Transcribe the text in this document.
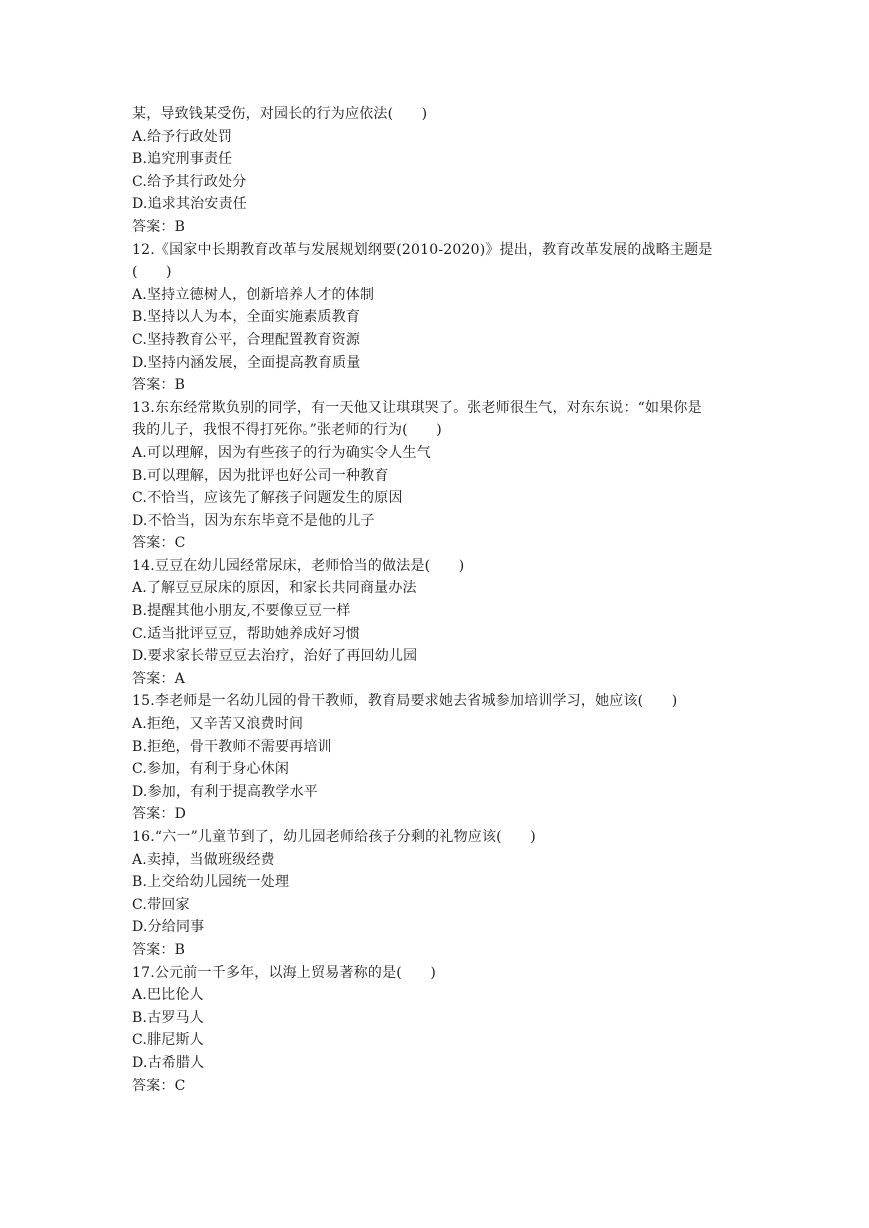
某，导致钱某受伤，对园长的行为应依法(　　)
A.给予行政处罚
B.追究刑事责任
C.给予其行政处分
D.追求其治安责任
答案：B
12.《国家中长期教育改革与发展规划纲要(2010-2020)》提出，教育改革发展的战略主题是
(　　)
A.坚持立德树人，创新培养人才的体制
B.坚持以人为本，全面实施素质教育
C.坚持教育公平，合理配置教育资源
D.坚持内涵发展，全面提高教育质量
答案：B
13.东东经常欺负别的同学，有一天他又让琪琪哭了。张老师很生气，对东东说：“如果你是
我的儿子，我恨不得打死你。”张老师的行为(　　)
A.可以理解，因为有些孩子的行为确实令人生气
B.可以理解，因为批评也好公司一种教育
C.不恰当，应该先了解孩子问题发生的原因
D.不恰当，因为东东毕竟不是他的儿子
答案：C
14.豆豆在幼儿园经常尿床，老师恰当的做法是(　　)
A.了解豆豆尿床的原因，和家长共同商量办法
B.提醒其他小朋友,不要像豆豆一样
C.适当批评豆豆，帮助她养成好习惯
D.要求家长带豆豆去治疗，治好了再回幼儿园
答案：A
15.李老师是一名幼儿园的骨干教师，教育局要求她去省城参加培训学习，她应该(　　)
A.拒绝，又辛苦又浪费时间
B.拒绝，骨干教师不需要再培训
C.参加，有利于身心休闲
D.参加，有利于提高教学水平
答案：D
16.“六一”儿童节到了，幼儿园老师给孩子分剩的礼物应该(　　)
A.卖掉，当做班级经费
B.上交给幼儿园统一处理
C.带回家
D.分给同事
答案：B
17.公元前一千多年，以海上贸易著称的是(　　)
A.巴比伦人
B.古罗马人
C.腓尼斯人
D.古希腊人
答案：C
